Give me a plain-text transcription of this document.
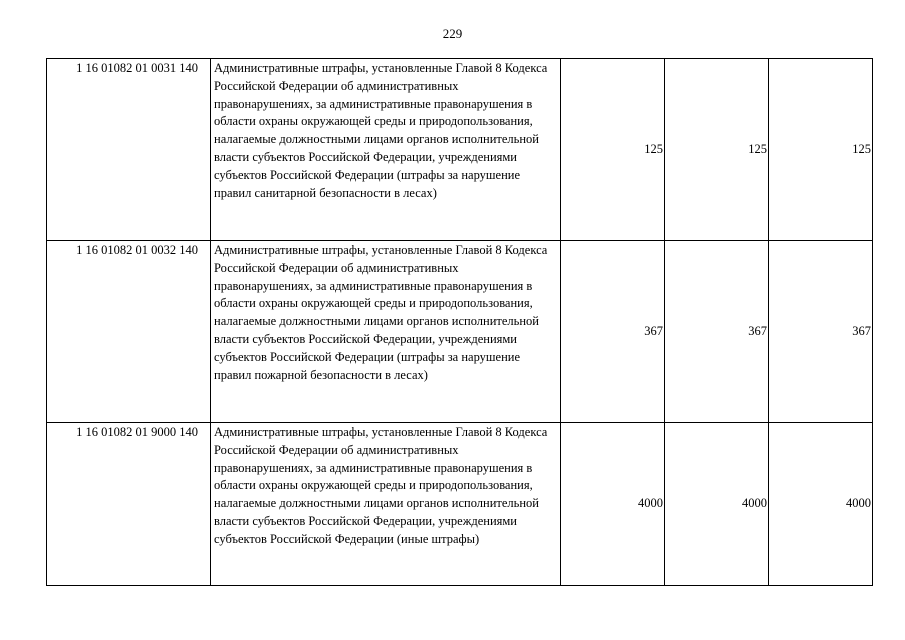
229
1 16 01082 01 0031 140	Административные штрафы, установленные Главой 8 Кодекса Российской Федерации об административных правонарушениях, за административные правонарушения в области охраны окружающей среды и природопользования, налагаемые должностными лицами органов исполнительной власти субъектов Российской Федерации, учреждениями субъектов Российской Федерации (штрафы за нарушение правил санитарной безопасности в лесах)	125	125	125
1 16 01082 01 0032 140	Административные штрафы, установленные Главой 8 Кодекса Российской Федерации об административных правонарушениях, за административные правонарушения в области охраны окружающей среды и природопользования, налагаемые должностными лицами органов исполнительной власти субъектов Российской Федерации, учреждениями субъектов Российской Федерации (штрафы за нарушение правил пожарной безопасности в лесах)	367	367	367
1 16 01082 01 9000 140	Административные штрафы, установленные Главой 8 Кодекса Российской Федерации об административных правонарушениях, за административные правонарушения в области охраны окружающей среды и природопользования, налагаемые должностными лицами органов исполнительной власти субъектов Российской Федерации, учреждениями субъектов Российской Федерации (иные штрафы)	4000	4000	4000
